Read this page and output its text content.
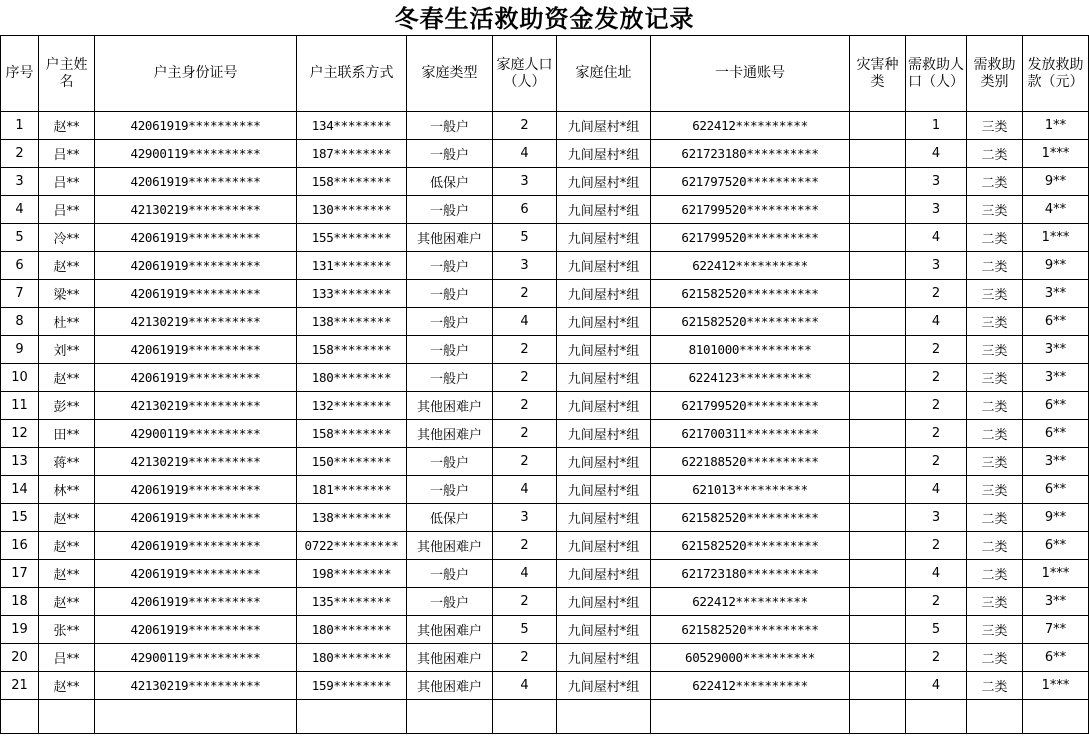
冬春生活救助资金发放记录
序号	户主姓名	户主身份证号	户主联系方式	家庭类型	家庭人口（人）	家庭住址	一卡通账号	灾害种类	需救助人口（人）	需救助类别	发放救助款（元）
1	赵**	42061919**********	134********	一般户	2	九间屋村*组	622412**********		1	三类	1**
2	吕**	42900119**********	187********	一般户	4	九间屋村*组	621723180**********		4	二类	1***
3	吕**	42061919**********	158********	低保户	3	九间屋村*组	621797520**********		3	二类	9**
4	吕**	42130219**********	130********	一般户	6	九间屋村*组	621799520**********		3	三类	4**
5	冷**	42061919**********	155********	其他困难户	5	九间屋村*组	621799520**********		4	二类	1***
6	赵**	42061919**********	131********	一般户	3	九间屋村*组	622412**********		3	二类	9**
7	梁**	42061919**********	133********	一般户	2	九间屋村*组	621582520**********		2	三类	3**
8	杜**	42130219**********	138********	一般户	4	九间屋村*组	621582520**********		4	三类	6**
9	刘**	42061919**********	158********	一般户	2	九间屋村*组	8101000**********		2	三类	3**
10	赵**	42061919**********	180********	一般户	2	九间屋村*组	6224123**********		2	三类	3**
11	彭**	42130219**********	132********	其他困难户	2	九间屋村*组	621799520**********		2	二类	6**
12	田**	42900119**********	158********	其他困难户	2	九间屋村*组	621700311**********		2	二类	6**
13	蒋**	42130219**********	150********	一般户	2	九间屋村*组	622188520**********		2	三类	3**
14	林**	42061919**********	181********	一般户	4	九间屋村*组	621013**********		4	三类	6**
15	赵**	42061919**********	138********	低保户	3	九间屋村*组	621582520**********		3	二类	9**
16	赵**	42061919**********	0722*********	其他困难户	2	九间屋村*组	621582520**********		2	二类	6**
17	赵**	42061919**********	198********	一般户	4	九间屋村*组	621723180**********		4	二类	1***
18	赵**	42061919**********	135********	一般户	2	九间屋村*组	622412**********		2	三类	3**
19	张**	42061919**********	180********	其他困难户	5	九间屋村*组	621582520**********		5	三类	7**
20	吕**	42900119**********	180********	其他困难户	2	九间屋村*组	60529000**********		2	二类	6**
21	赵**	42130219**********	159********	其他困难户	4	九间屋村*组	622412**********		4	二类	1***
